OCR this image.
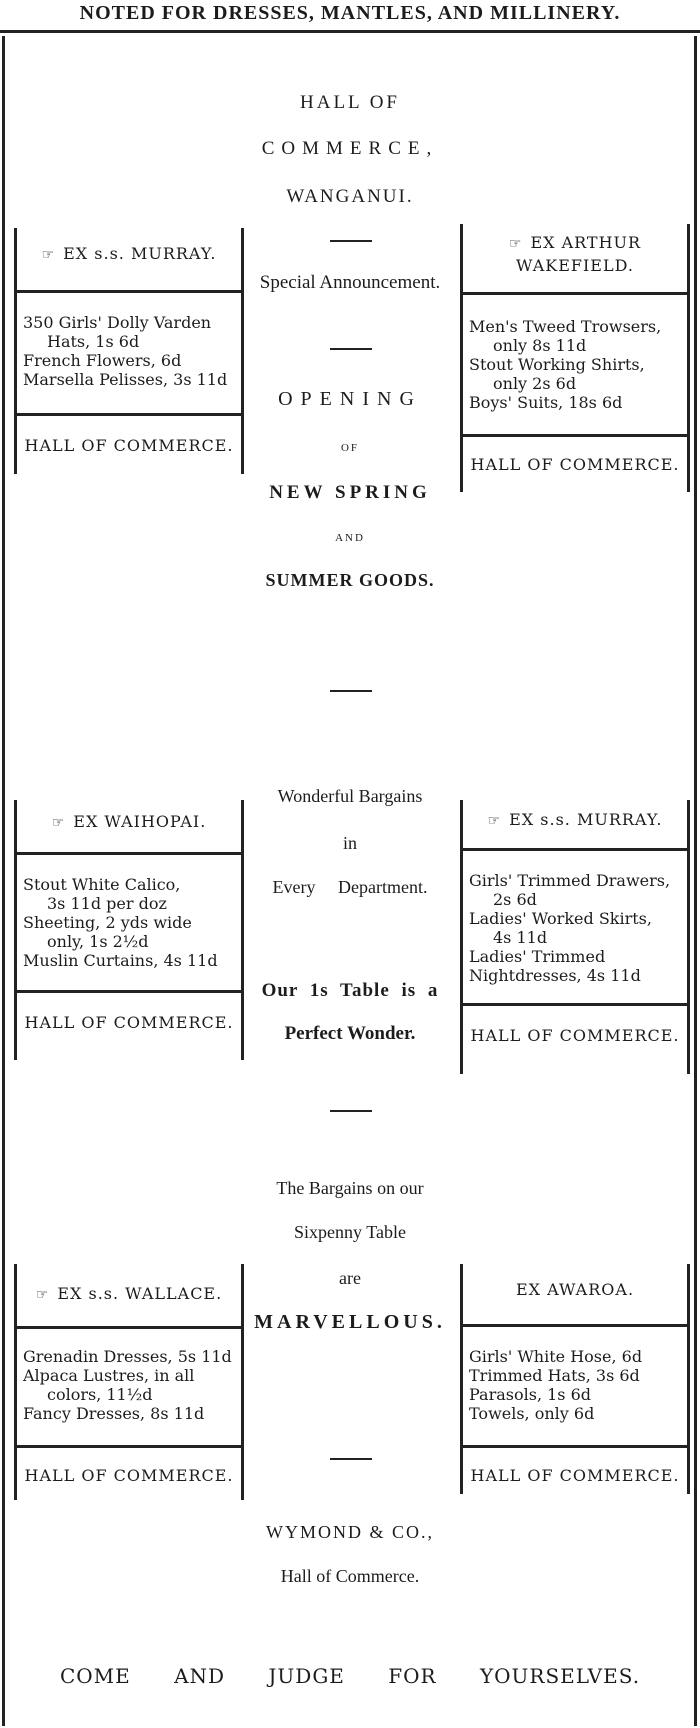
NOTED FOR DRESSES, MANTLES, AND MILLINERY.
HALL OF
COMMERCE,
WANGANUI.
Special Announcement.
OPENING
OF
NEW SPRING
AND
SUMMER GOODS.
Wonderful Bargains
in
Every Department.
Our 1s Table is a
Perfect Wonder.
The Bargains on our
Sixpenny Table
are
MARVELLOUS.
WYMOND & CO.,
Hall of Commerce.
☞ EX s.s. MURRAY.
350 Girls' Dolly Varden
Hats, 1s 6d
French Flowers, 6d
Marsella Pelisses, 3s 11d
HALL OF COMMERCE.
☞ EX ARTHUR WAKEFIELD.
Men's Tweed Trowsers,
only 8s 11d
Stout Working Shirts,
only 2s 6d
Boys' Suits, 18s 6d
HALL OF COMMERCE.
☞ EX WAIHOPAI.
Stout White Calico,
3s 11d per doz
Sheeting, 2 yds wide
only, 1s 2½d
Muslin Curtains, 4s 11d
HALL OF COMMERCE.
☞ EX s.s. MURRAY.
Girls' Trimmed Drawers,
2s 6d
Ladies' Worked Skirts,
4s 11d
Ladies' Trimmed Nightdresses, 4s 11d
HALL OF COMMERCE.
☞ EX s.s. WALLACE.
Grenadin Dresses, 5s 11d
Alpaca Lustres, in all
colors, 11½d
Fancy Dresses, 8s 11d
HALL OF COMMERCE.
EX AWAROA.
Girls' White Hose, 6d
Trimmed Hats, 3s 6d
Parasols, 1s 6d
Towels, only 6d
HALL OF COMMERCE.
COME AND JUDGE FOR YOURSELVES.
